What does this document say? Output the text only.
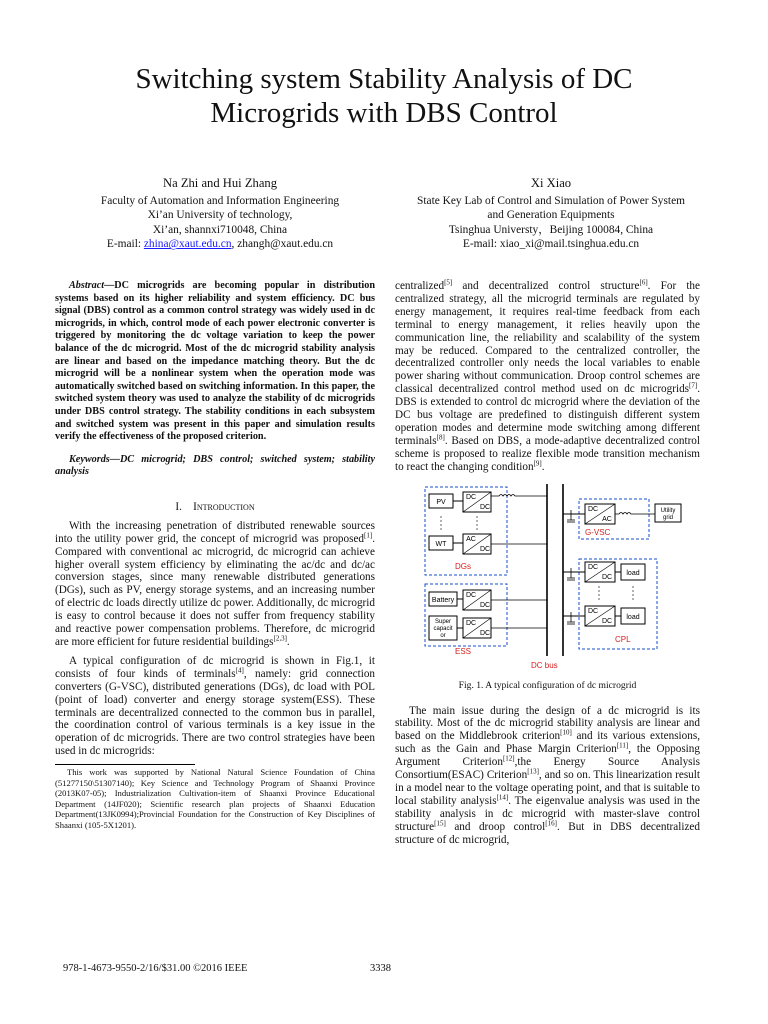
Switching system Stability Analysis of DC
Microgrids with DBS Control
Na Zhi and Hui Zhang
Faculty of Automation and Information Engineering
Xi’an University of technology,
Xi’an, shannxi710048, China
E-mail: zhina@xaut.edu.cn, zhangh@xaut.edu.cn
Xi Xiao
State Key Lab of Control and Simulation of Power System
and Generation Equipments
Tsinghua Universty，Beijing 100084, China
E-mail: xiao_xi@mail.tsinghua.edu.cn

Abstract—DC microgrids are becoming popular in distribution systems based on its higher reliability and system efficiency. DC bus signal (DBS) control as a common control strategy was widely used in dc microgrids, in which, control mode of each power electronic converter is triggered by monitoring the dc voltage variation to keep the power balance of the dc microgrid. Most of the dc microgrid stability analysis are linear and based on the impedance matching theory. But the dc microgrid will be a nonlinear system when the operation mode was automatically switched based on switching information. In this paper, the switched system theory was used to analyze the stability of dc microgrids under DBS control strategy. The stability conditions in each subsystem and switched system was present in this paper and simulation results verify the effectiveness of the proposed criterion.

Keywords—DC microgrid; DBS control; switched system; stability analysis

I. Introduction

With the increasing penetration of distributed renewable sources into the utility power grid, the concept of microgrid was proposed[1]. Compared with conventional ac microgrid, dc microgrid can achieve higher overall system efficiency by eliminating the ac/dc and dc/ac conversion stages, since many renewable distributed generations (DGs), such as PV, energy storage systems, and an increasing number of electric dc loads directly utilize dc power. Additionally, dc microgrid is easy to control because it does not suffer from frequency stability and reactive power compensation problems. Therefore, dc microgrid are more efficient for future residential buildings[2,3].

A typical configuration of dc microgrid is shown in Fig.1, it consists of four kinds of terminals[4], namely: grid connection converters (G-VSC), distributed generations (DGs), dc load with POL (point of load) converter and energy storage system(ESS). These terminals are decentralized connected to the common bus in parallel, the coordination control of various terminals is a key issue in the operation of dc microgrids. There are two control strategies have been used in dc microgrids:

This work was supported by National Natural Science Foundation of China (51277150\51307140); Key Science and Technology Program of Shaanxi Province (2013K07-05); Industrialization Cultivation-item of Shaanxi Province Educational Department (14JF020); Scientific research plan projects of Shaanxi Education Department(13JK0994);Provincial Foundation for the Construction of Key Disciplines of Shaanxi (105-5X1201).

centralized[5] and decentralized control structure[6]. For the centralized strategy, all the microgrid terminals are regulated by energy management, it requires real-time feedback from each terminal to energy management, it relies heavily upon the communication line, the reliability and scalability of the system may be reduced. Compared to the centralized controller, the decentralized controller only needs the local variables to enable power sharing without communication. Droop control schemes are classical decentralized control method used on dc microgrids[7]. DBS is extended to control dc microgrid where the deviation of the DC bus voltage are predefined to distinguish different system operation modes and determine mode switching among different terminals[8]. Based on DBS, a mode-adaptive decentralized control scheme is proposed to realize flexible mode transition mechanism to react the changing condition[9].

PV
DC
DC
WT
AC
DC
DGs
Battery
DC
DC
Super
capacit
or
DC
DC
ESS
DC
AC
Utility
grid
G-VSC
DC
DC
load
DC
DC
load
CPL
DC bus
Fig. 1. A typical configuration of dc microgrid

The main issue during the design of a dc microgrid is its stability. Most of the dc microgrid stability analysis are linear and based on the Middlebrook criterion[10] and its various extensions, such as the Gain and Phase Margin Criterion[11], the Opposing Argument Criterion[12],the Energy Source Analysis Consortium(ESAC) Criterion[13], and so on. This linearization result in a model near to the voltage operating point, and that is suitable to local stability analysis[14]. The eigenvalue analysis was used in the stability analysis in dc microgrid with master-slave control structure[15] and droop control[16]. But in DBS decentralized structure of dc microgrid,

978-1-4673-9550-2/16/$31.00 ©2016 IEEE	3338
